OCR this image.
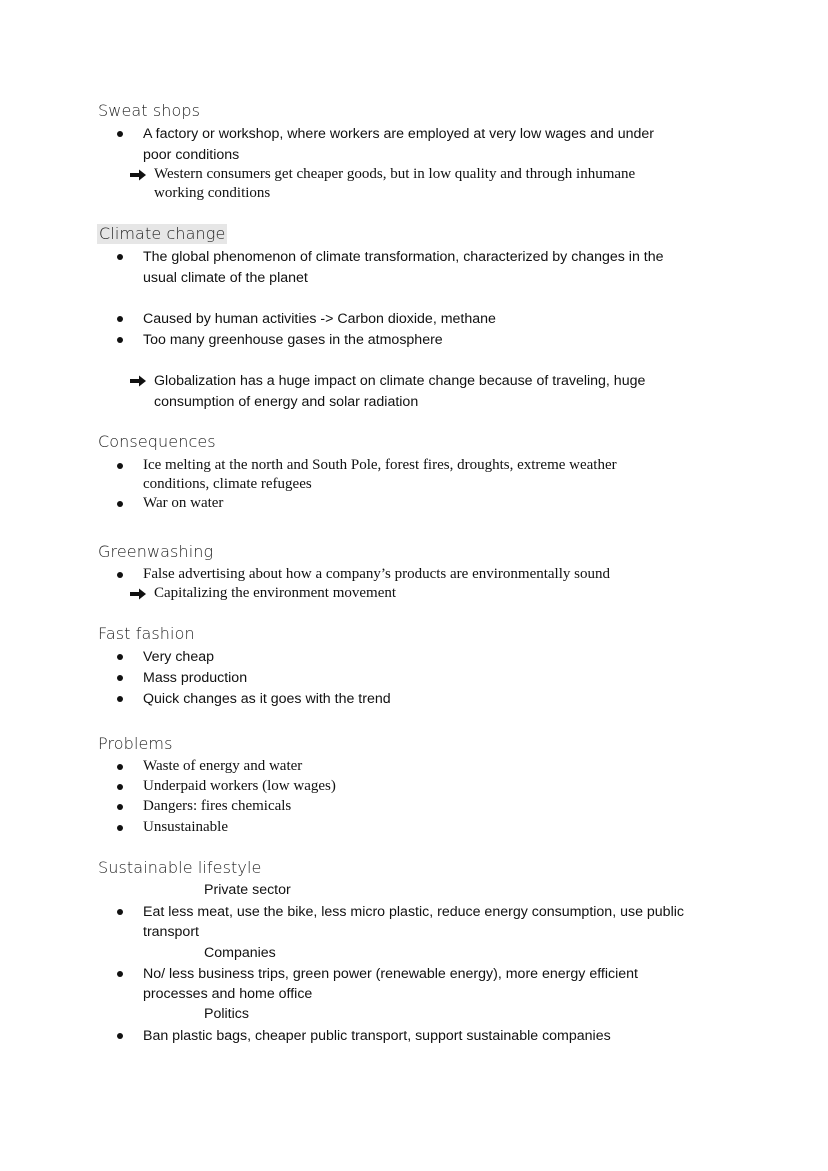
Sweat shops
A factory or workshop, where workers are employed at very low wages and under
poor conditions
Western consumers get cheaper goods, but in low quality and through inhumane
working conditions
Climate change
The global phenomenon of climate transformation, characterized by changes in the
usual climate of the planet
Caused by human activities -> Carbon dioxide, methane
Too many greenhouse gases in the atmosphere
Globalization has a huge impact on climate change because of traveling, huge
consumption of energy and solar radiation
Consequences
Ice melting at the north and South Pole, forest fires, droughts, extreme weather
conditions, climate refugees
War on water
Greenwashing
False advertising about how a company’s products are environmentally sound
Capitalizing the environment movement
Fast fashion
Very cheap
Mass production
Quick changes as it goes with the trend
Problems
Waste of energy and water
Underpaid workers (low wages)
Dangers: fires chemicals
Unsustainable
Sustainable lifestyle
Private sector
Eat less meat, use the bike, less micro plastic, reduce energy consumption, use public
transport
Companies
No/ less business trips, green power (renewable energy), more energy efficient
processes and home office
Politics
Ban plastic bags, cheaper public transport, support sustainable companies
